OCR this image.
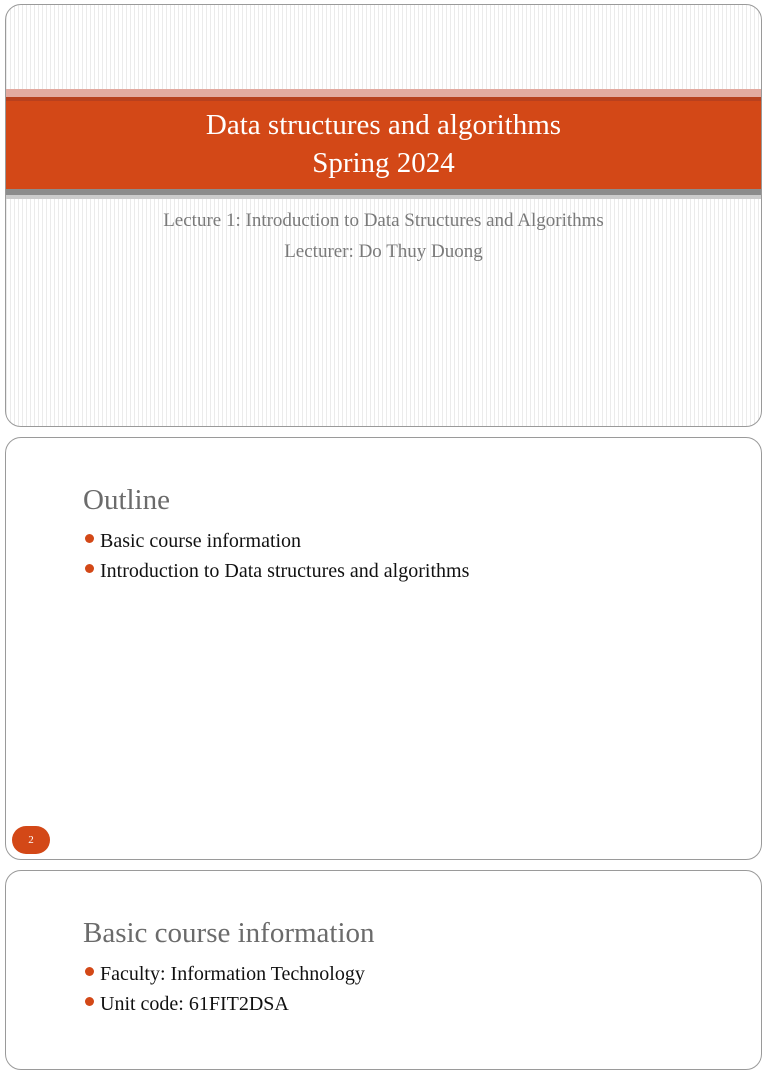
Data structures and algorithms
Spring 2024
Lecture 1: Introduction to Data Structures and Algorithms
Lecturer: Do Thuy Duong
Outline
Basic course information
Introduction to Data structures and algorithms
2
Basic course information
Faculty: Information Technology
Unit code: 61FIT2DSA
